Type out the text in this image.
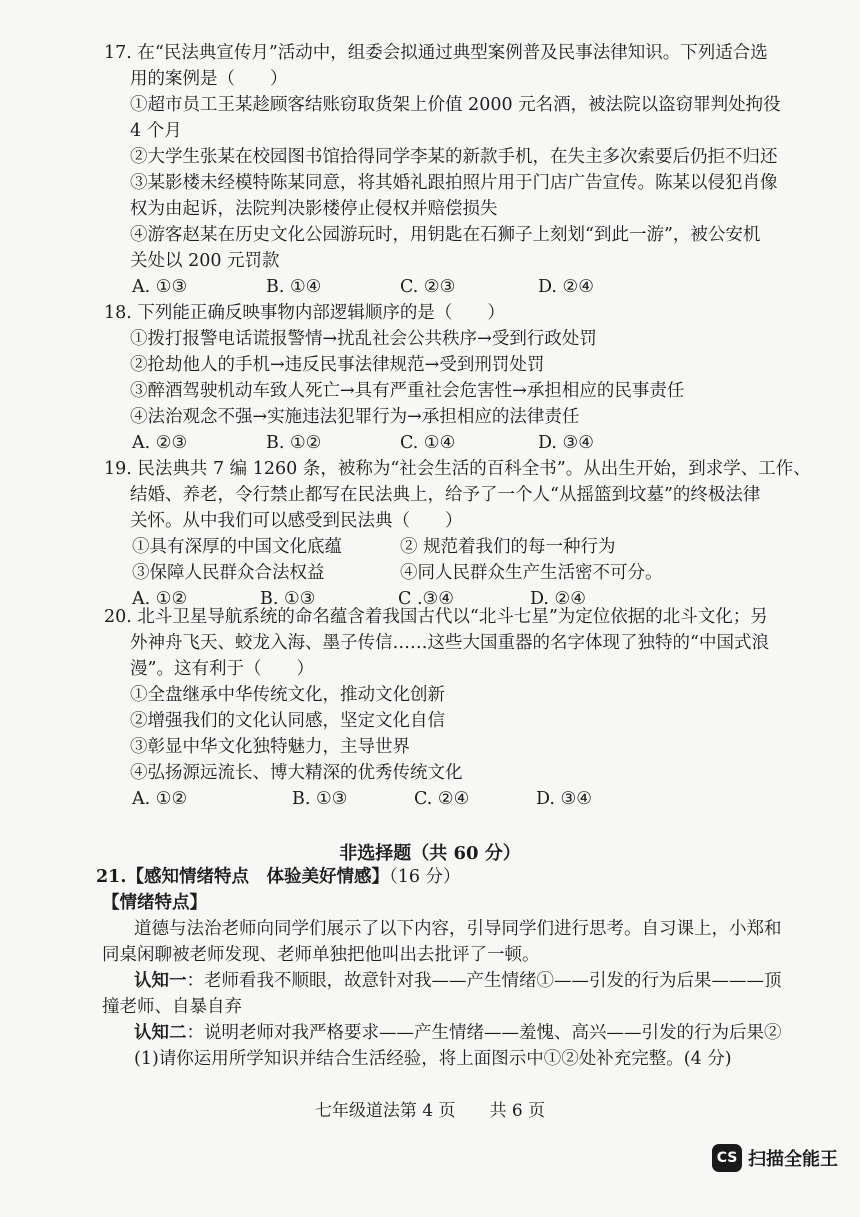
17. 在“民法典宣传月”活动中，组委会拟通过典型案例普及民事法律知识。下列适合选
用的案例是（　　）
①超市员工王某趁顾客结账窃取货架上价值 2000 元名酒，被法院以盗窃罪判处拘役
4 个月
②大学生张某在校园图书馆拾得同学李某的新款手机，在失主多次索要后仍拒不归还
③某影楼未经模特陈某同意，将其婚礼跟拍照片用于门店广告宣传。陈某以侵犯肖像
权为由起诉，法院判决影楼停止侵权并赔偿损失
④游客赵某在历史文化公园游玩时，用钥匙在石狮子上刻划“到此一游”，被公安机
关处以 200 元罚款
A. ①③	B. ①④	C. ②③	D. ②④
18. 下列能正确反映事物内部逻辑顺序的是（　　）
①拨打报警电话谎报警情→扰乱社会公共秩序→受到行政处罚
②抢劫他人的手机→违反民事法律规范→受到刑罚处罚
③醉酒驾驶机动车致人死亡→具有严重社会危害性→承担相应的民事责任
④法治观念不强→实施违法犯罪行为→承担相应的法律责任
A. ②③	B. ①②	C. ①④	D. ③④
19. 民法典共 7 编 1260 条，被称为“社会生活的百科全书”。从出生开始，到求学、工作、
结婚、养老，令行禁止都写在民法典上，给予了一个人“从摇篮到坟墓”的终极法律
关怀。从中我们可以感受到民法典（　　）
①具有深厚的中国文化底蕴	② 规范着我们的每一种行为
③保障人民群众合法权益	④同人民群众生产生活密不可分。
A. ①②	B. ①③	C .③④	D. ②④
20. 北斗卫星导航系统的命名蕴含着我国古代以“北斗七星”为定位依据的北斗文化；另
外神舟飞天、蛟龙入海、墨子传信……这些大国重器的名字体现了独特的“中国式浪
漫”。这有利于（　　）
①全盘继承中华传统文化，推动文化创新
②增强我们的文化认同感，坚定文化自信
③彰显中华文化独特魅力，主导世界
④弘扬源远流长、博大精深的优秀传统文化
A. ①②	B. ①③	C. ②④	D. ③④
非选择题（共 60 分）
21.【感知情绪特点　体验美好情感】（16 分）
【情绪特点】
道德与法治老师向同学们展示了以下内容，引导同学们进行思考。自习课上，小郑和
同桌闲聊被老师发现、老师单独把他叫出去批评了一顿。
认知一：老师看我不顺眼，故意针对我——产生情绪①——引发的行为后果———顶
撞老师、自暴自弃
认知二：说明老师对我严格要求——产生情绪——羞愧、高兴——引发的行为后果②
(1)请你运用所学知识并结合生活经验，将上面图示中①②处补充完整。(4 分)
七年级道法第 4 页　　共 6 页
CS 扫描全能王
